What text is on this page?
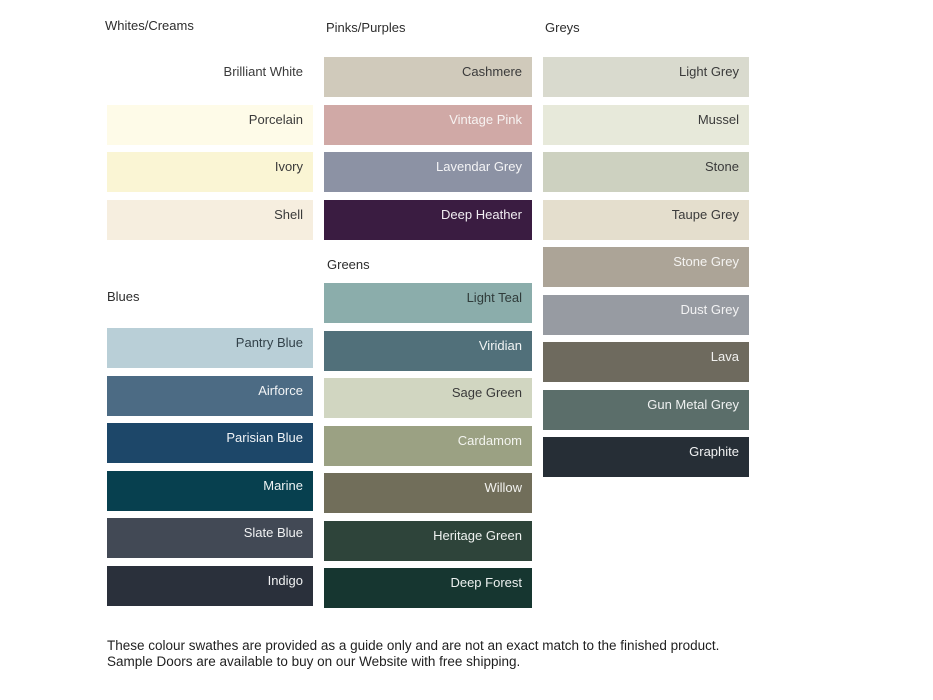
Whites/Creams
Brilliant White
Porcelain
Ivory
Shell
Blues
Pantry Blue
Airforce
Parisian Blue
Marine
Slate Blue
Indigo
Pinks/Purples
Cashmere
Vintage Pink
Lavendar Grey
Deep Heather
Greens
Light Teal
Viridian
Sage Green
Cardamom
Willow
Heritage Green
Deep Forest
Greys
Light Grey
Mussel
Stone
Taupe Grey
Stone Grey
Dust Grey
Lava
Gun Metal Grey
Graphite
These colour swathes are provided as a guide only and are not an exact match to the finished product. Sample Doors are available to buy on our Website with free shipping.
